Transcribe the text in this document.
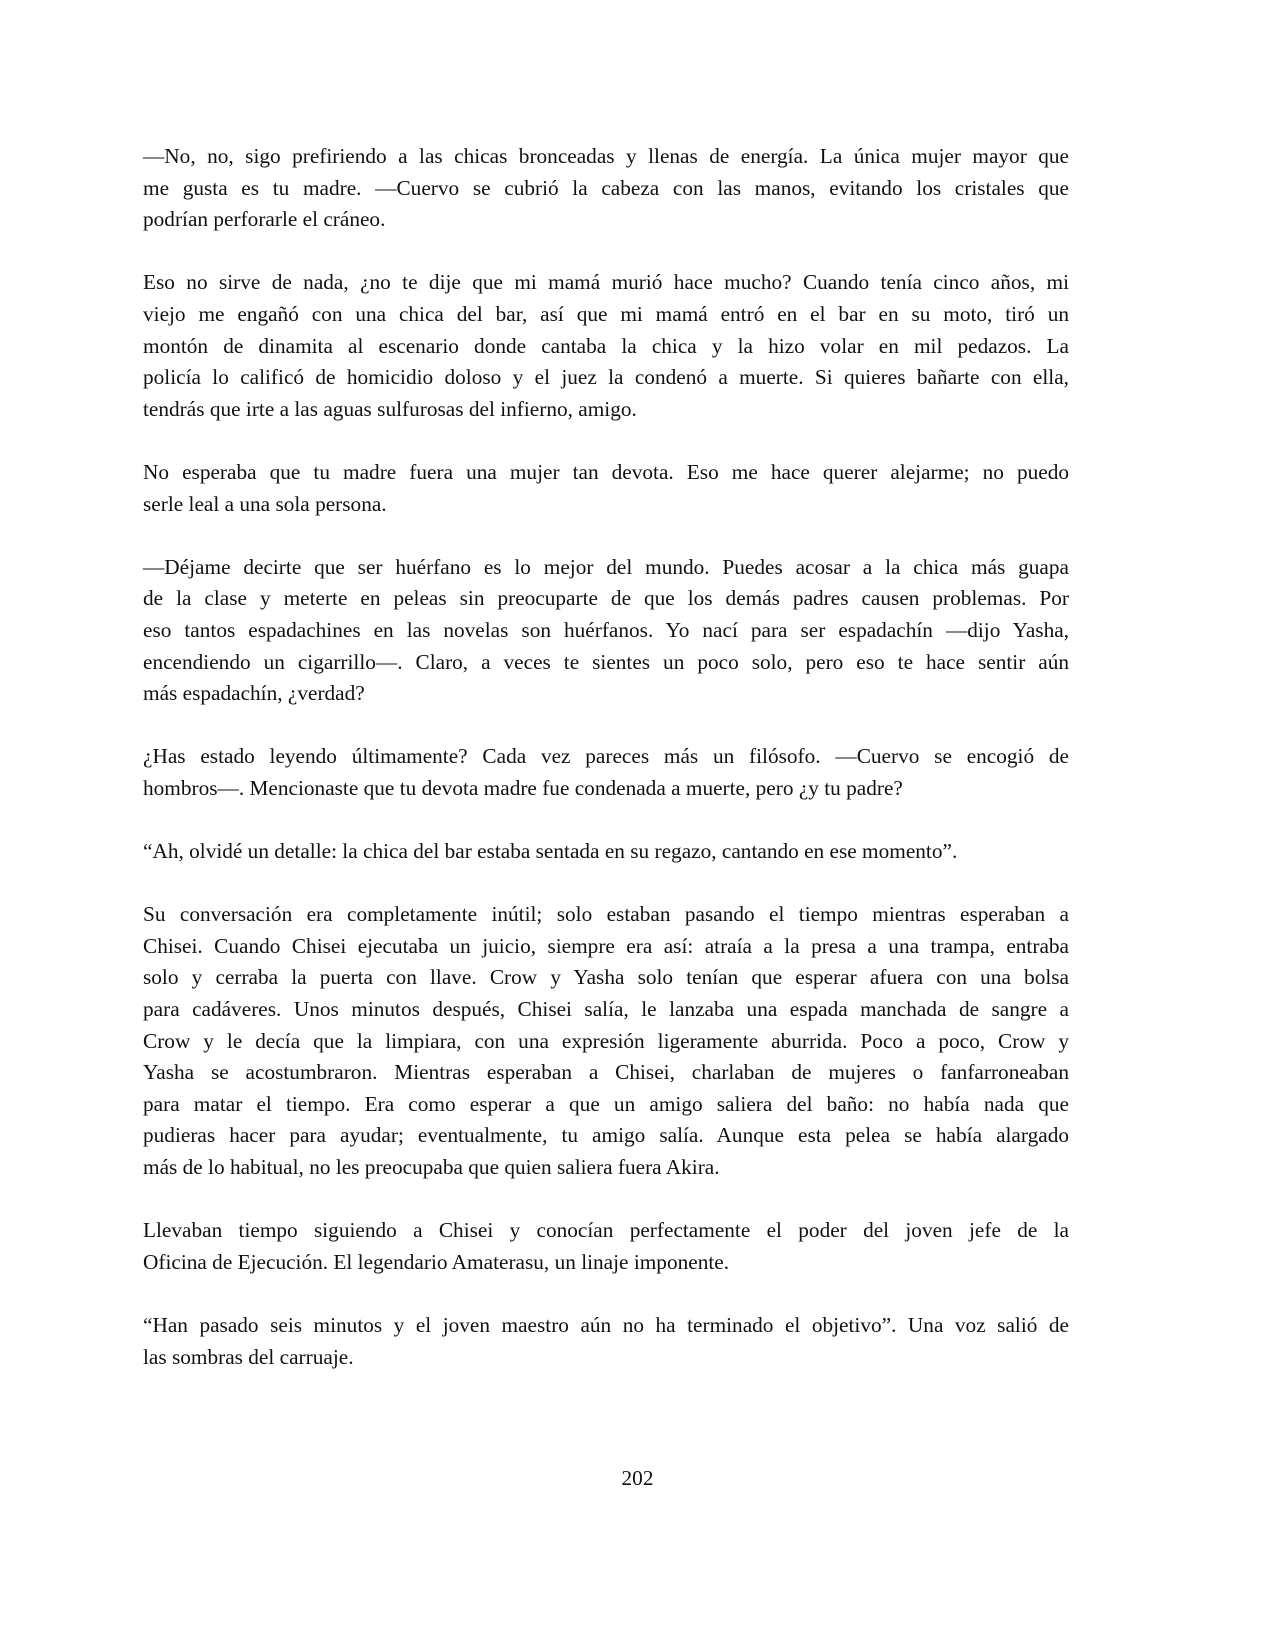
—No, no, sigo prefiriendo a las chicas bronceadas y llenas de energía. La única mujer mayor que
me gusta es tu madre. —Cuervo se cubrió la cabeza con las manos, evitando los cristales que
podrían perforarle el cráneo.

Eso no sirve de nada, ¿no te dije que mi mamá murió hace mucho? Cuando tenía cinco años, mi
viejo me engañó con una chica del bar, así que mi mamá entró en el bar en su moto, tiró un
montón de dinamita al escenario donde cantaba la chica y la hizo volar en mil pedazos. La
policía lo calificó de homicidio doloso y el juez la condenó a muerte. Si quieres bañarte con ella,
tendrás que irte a las aguas sulfurosas del infierno, amigo.

No esperaba que tu madre fuera una mujer tan devota. Eso me hace querer alejarme; no puedo
serle leal a una sola persona.

—Déjame decirte que ser huérfano es lo mejor del mundo. Puedes acosar a la chica más guapa
de la clase y meterte en peleas sin preocuparte de que los demás padres causen problemas. Por
eso tantos espadachines en las novelas son huérfanos. Yo nací para ser espadachín —dijo Yasha,
encendiendo un cigarrillo—. Claro, a veces te sientes un poco solo, pero eso te hace sentir aún
más espadachín, ¿verdad?

¿Has estado leyendo últimamente? Cada vez pareces más un filósofo. —Cuervo se encogió de
hombros—. Mencionaste que tu devota madre fue condenada a muerte, pero ¿y tu padre?

“Ah, olvidé un detalle: la chica del bar estaba sentada en su regazo, cantando en ese momento”.

Su conversación era completamente inútil; solo estaban pasando el tiempo mientras esperaban a
Chisei. Cuando Chisei ejecutaba un juicio, siempre era así: atraía a la presa a una trampa, entraba
solo y cerraba la puerta con llave. Crow y Yasha solo tenían que esperar afuera con una bolsa
para cadáveres. Unos minutos después, Chisei salía, le lanzaba una espada manchada de sangre a
Crow y le decía que la limpiara, con una expresión ligeramente aburrida. Poco a poco, Crow y
Yasha se acostumbraron. Mientras esperaban a Chisei, charlaban de mujeres o fanfarroneaban
para matar el tiempo. Era como esperar a que un amigo saliera del baño: no había nada que
pudieras hacer para ayudar; eventualmente, tu amigo salía. Aunque esta pelea se había alargado
más de lo habitual, no les preocupaba que quien saliera fuera Akira.

Llevaban tiempo siguiendo a Chisei y conocían perfectamente el poder del joven jefe de la
Oficina de Ejecución. El legendario Amaterasu, un linaje imponente.

“Han pasado seis minutos y el joven maestro aún no ha terminado el objetivo”. Una voz salió de
las sombras del carruaje.

202
